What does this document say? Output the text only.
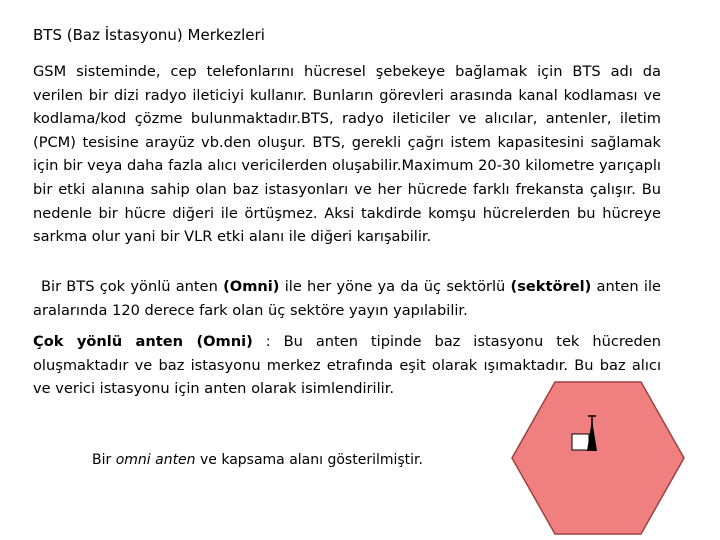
BTS (Baz İstasyonu) Merkezleri

GSM sisteminde, cep telefonlarını hücresel şebekeye bağlamak için BTS adı da verilen bir dizi radyo ileticiyi kullanır. Bunların görevleri arasında kanal kodlaması ve kodlama/kod çözme bulunmaktadır.BTS, radyo ileticiler ve alıcılar, antenler, iletim (PCM) tesisine arayüz vb.den oluşur. BTS, gerekli çağrı istem kapasitesini sağlamak için bir veya daha fazla alıcı vericilerden oluşabilir.Maximum 20-30 kilometre yarıçaplı bir etki alanına sahip olan baz istasyonları ve her hücrede farklı frekansta çalışır. Bu nedenle bir hücre diğeri ile örtüşmez. Aksi takdirde komşu hücrelerden bu hücreye sarkma olur yani bir VLR etki alanı ile diğeri karışabilir.

Bir BTS çok yönlü anten (Omni) ile her yöne ya da üç sektörlü (sektörel) anten ile aralarında 120 derece fark olan üç sektöre yayın yapılabilir.

Çok yönlü anten (Omni) : Bu anten tipinde baz istasyonu tek hücreden oluşmaktadır ve baz istasyonu merkez etrafında eşit olarak ışımaktadır. Bu baz alıcı ve verici istasyonu için anten olarak isimlendirilir.

Bir omni anten ve kapsama alanı gösterilmiştir.
